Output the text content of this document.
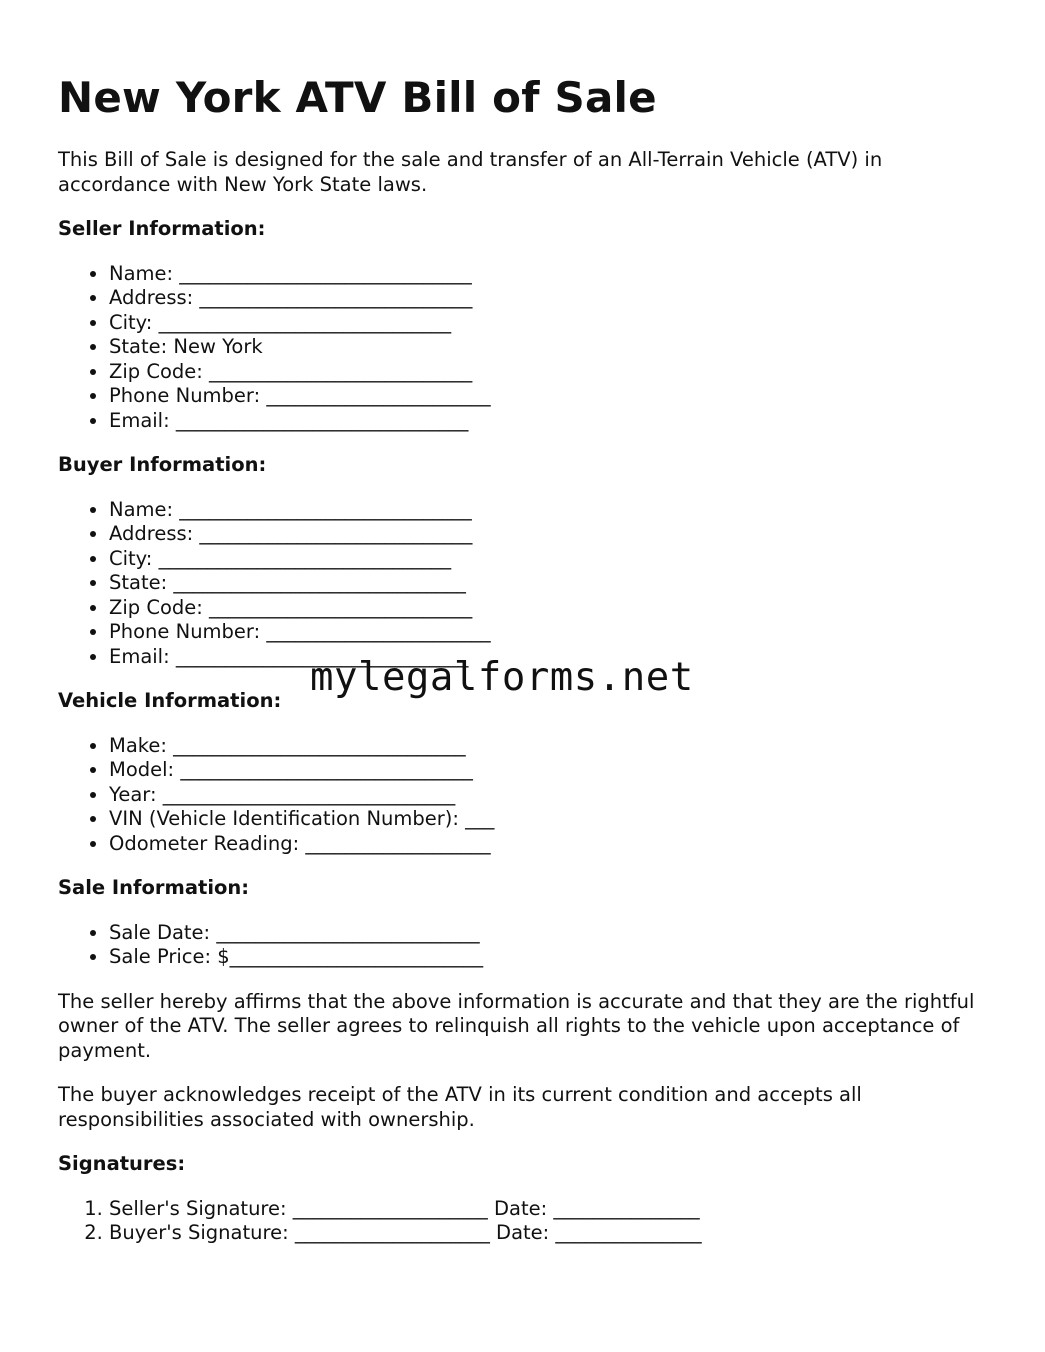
New York ATV Bill of Sale

This Bill of Sale is designed for the sale and transfer of an All-Terrain Vehicle (ATV) in accordance with New York State laws.

Seller Information:
• Name: ______________________________
• Address: ____________________________
• City: ______________________________
• State: New York
• Zip Code: ___________________________
• Phone Number: _______________________
• Email: ______________________________
Buyer Information:
• Name: ______________________________
• Address: ____________________________
• City: ______________________________
• State: ______________________________
• Zip Code: ___________________________
• Phone Number: _______________________
• Email: ______________________________
Vehicle Information:
• Make: ______________________________
• Model: ______________________________
• Year: ______________________________
• VIN (Vehicle Identification Number): ___
• Odometer Reading: ___________________
Sale Information:
• Sale Date: ___________________________
• Sale Price: $__________________________

The seller hereby affirms that the above information is accurate and that they are the rightful owner of the ATV. The seller agrees to relinquish all rights to the vehicle upon acceptance of payment.

The buyer acknowledges receipt of the ATV in its current condition and accepts all responsibilities associated with ownership.

Signatures:
1. Seller's Signature: ____________________ Date: _______________
2. Buyer's Signature: ____________________ Date: _______________
mylegalforms.net
